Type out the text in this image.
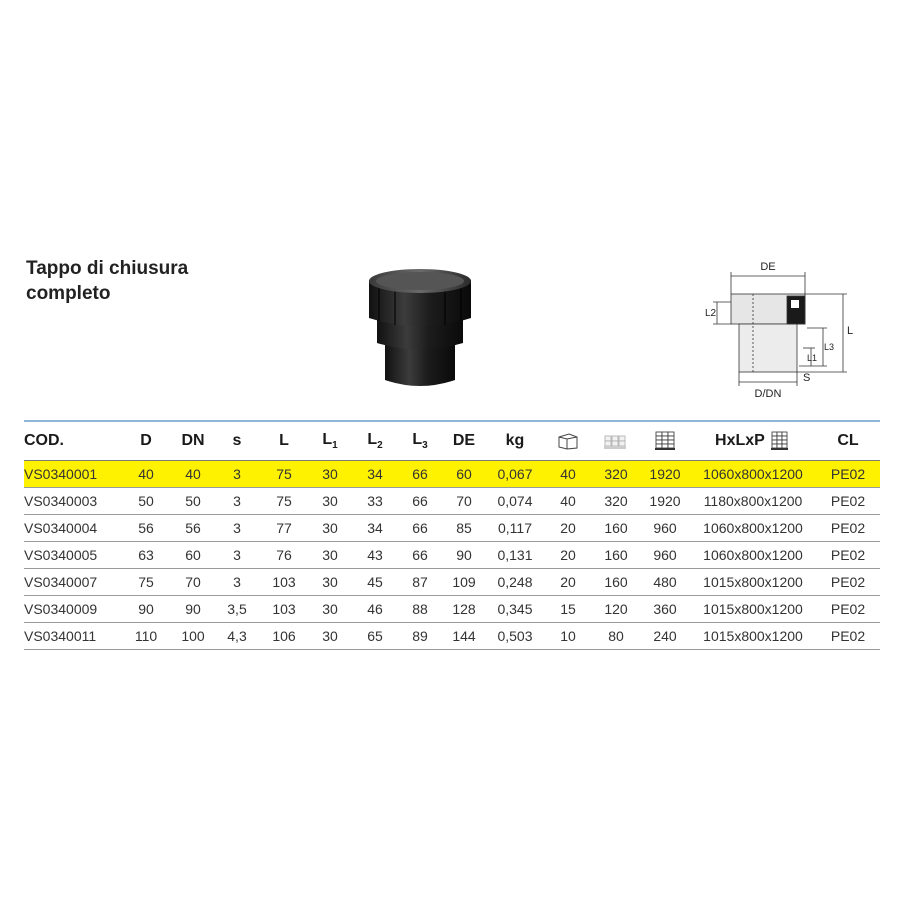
Tappo di chiusura
completo
DE
D/DN
S
L
L2
L3
L1
COD.	D	DN	s	L	$L_1$	$L_2$	$L_3$	DE	kg				HxLxP	CL
VS0340001	40	40	3	75	30	34	66	60	0,067	40	320	1920	1060x800x1200	PE02
VS0340003	50	50	3	75	30	33	66	70	0,074	40	320	1920	1180x800x1200	PE02
VS0340004	56	56	3	77	30	34	66	85	0,117	20	160	960	1060x800x1200	PE02
VS0340005	63	60	3	76	30	43	66	90	0,131	20	160	960	1060x800x1200	PE02
VS0340007	75	70	3	103	30	45	87	109	0,248	20	160	480	1015x800x1200	PE02
VS0340009	90	90	3,5	103	30	46	88	128	0,345	15	120	360	1015x800x1200	PE02
VS0340011	110	100	4,3	106	30	65	89	144	0,503	10	80	240	1015x800x1200	PE02
